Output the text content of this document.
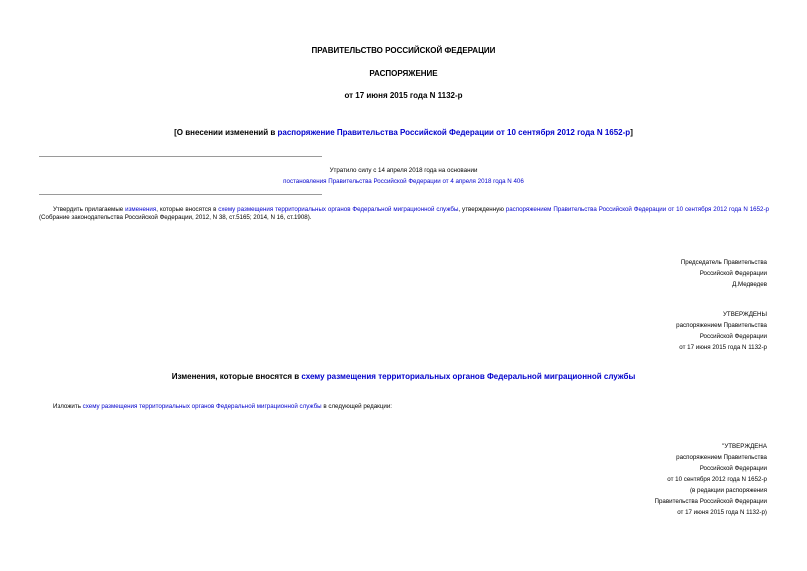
ПРАВИТЕЛЬСТВО РОССИЙСКОЙ ФЕДЕРАЦИИ
РАСПОРЯЖЕНИЕ
от 17 июня 2015 года N 1132-р
[О внесении изменений в распоряжение Правительства Российской Федерации от 10 сентября 2012 года N 1652-р]
Утратило силу с 14 апреля 2018 года на основании
постановления Правительства Российской Федерации от 4 апреля 2018 года N 406
Утвердить прилагаемые изменения, которые вносятся в схему размещения территориальных органов Федеральной миграционной службы, утвержденную распоряжением Правительства Российской Федерации от 10 сентября 2012 года N 1652-р (Собрание законодательства Российской Федерации, 2012, N 38, ст.5165; 2014, N 16, ст.1908).
Председатель Правительства
Российской Федерации
Д.Медведев
УТВЕРЖДЕНЫ
распоряжением Правительства
Российской Федерации
от 17 июня 2015 года N 1132-р
Изменения, которые вносятся в схему размещения территориальных органов Федеральной миграционной службы
Изложить схему размещения территориальных органов Федеральной миграционной службы в следующей редакции:
"УТВЕРЖДЕНА
распоряжением Правительства
Российской Федерации
от 10 сентября 2012 года N 1652-р
(в редакции распоряжения
Правительства Российской Федерации
от 17 июня 2015 года N 1132-р)
